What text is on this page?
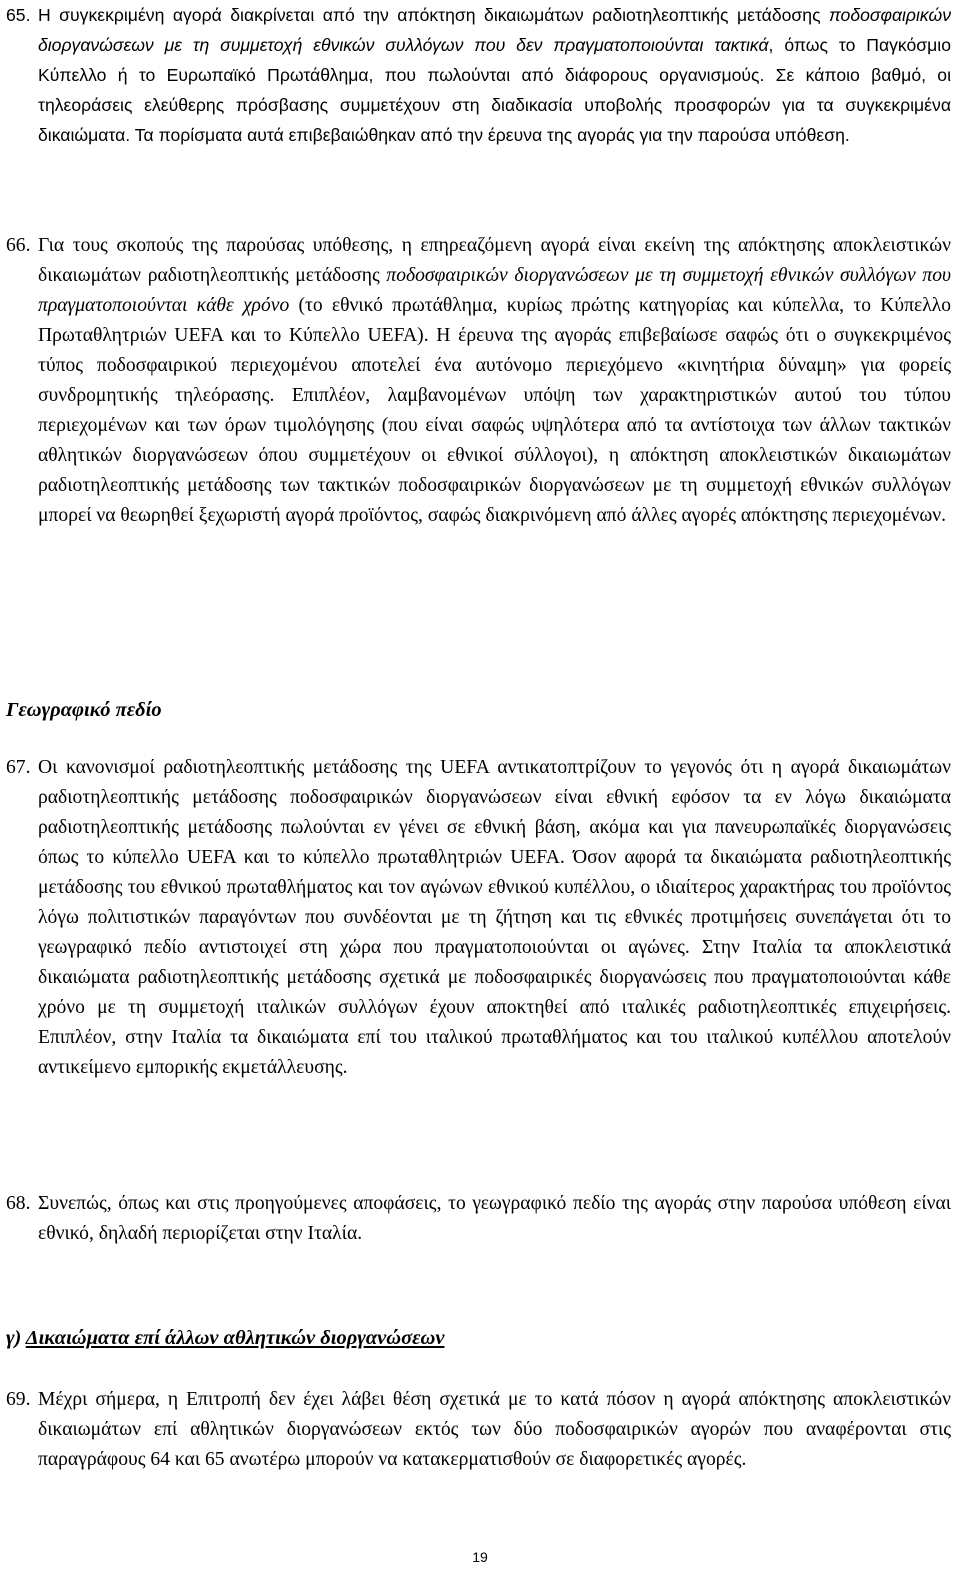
65. Η συγκεκριμένη αγορά διακρίνεται από την απόκτηση δικαιωμάτων ραδιοτηλεοπτικής μετάδοσης ποδοσφαιρικών διοργανώσεων με τη συμμετοχή εθνικών συλλόγων που δεν πραγματοποιούνται τακτικά, όπως το Παγκόσμιο Κύπελλο ή το Ευρωπαϊκό Πρωτάθλημα, που πωλούνται από διάφορους οργανισμούς. Σε κάποιο βαθμό, οι τηλεοράσεις ελεύθερης πρόσβασης συμμετέχουν στη διαδικασία υποβολής προσφορών για τα συγκεκριμένα δικαιώματα. Τα πορίσματα αυτά επιβεβαιώθηκαν από την έρευνα της αγοράς για την παρούσα υπόθεση.

66. Για τους σκοπούς της παρούσας υπόθεσης, η επηρεαζόμενη αγορά είναι εκείνη της απόκτησης αποκλειστικών δικαιωμάτων ραδιοτηλεοπτικής μετάδοσης ποδοσφαιρικών διοργανώσεων με τη συμμετοχή εθνικών συλλόγων που πραγματοποιούνται κάθε χρόνο (το εθνικό πρωτάθλημα, κυρίως πρώτης κατηγορίας και κύπελλα, το Κύπελλο Πρωταθλητριών UEFA και το Κύπελλο UEFA). Η έρευνα της αγοράς επιβεβαίωσε σαφώς ότι ο συγκεκριμένος τύπος ποδοσφαιρικού περιεχομένου αποτελεί ένα αυτόνομο περιεχόμενο «κινητήρια δύναμη» για φορείς συνδρομητικής τηλεόρασης. Επιπλέον, λαμβανομένων υπόψη των χαρακτηριστικών αυτού του τύπου περιεχομένων και των όρων τιμολόγησης (που είναι σαφώς υψηλότερα από τα αντίστοιχα των άλλων τακτικών αθλητικών διοργανώσεων όπου συμμετέχουν οι εθνικοί σύλλογοι), η απόκτηση αποκλειστικών δικαιωμάτων ραδιοτηλεοπτικής μετάδοσης των τακτικών ποδοσφαιρικών διοργανώσεων με τη συμμετοχή εθνικών συλλόγων μπορεί να θεωρηθεί ξεχωριστή αγορά προϊόντος, σαφώς διακρινόμενη από άλλες αγορές απόκτησης περιεχομένων.

Γεωγραφικό πεδίο

67. Οι κανονισμοί ραδιοτηλεοπτικής μετάδοσης της UEFA αντικατοπτρίζουν το γεγονός ότι η αγορά δικαιωμάτων ραδιοτηλεοπτικής μετάδοσης ποδοσφαιρικών διοργανώσεων είναι εθνική εφόσον τα εν λόγω δικαιώματα ραδιοτηλεοπτικής μετάδοσης πωλούνται εν γένει σε εθνική βάση, ακόμα και για πανευρωπαϊκές διοργανώσεις όπως το κύπελλο UEFA και το κύπελλο πρωταθλητριών UEFA. Όσον αφορά τα δικαιώματα ραδιοτηλεοπτικής μετάδοσης του εθνικού πρωταθλήματος και τον αγώνων εθνικού κυπέλλου, ο ιδιαίτερος χαρακτήρας του προϊόντος λόγω πολιτιστικών παραγόντων που συνδέονται με τη ζήτηση και τις εθνικές προτιμήσεις συνεπάγεται ότι το γεωγραφικό πεδίο αντιστοιχεί στη χώρα που πραγματοποιούνται οι αγώνες. Στην Ιταλία τα αποκλειστικά δικαιώματα ραδιοτηλεοπτικής μετάδοσης σχετικά με ποδοσφαιρικές διοργανώσεις που πραγματοποιούνται κάθε χρόνο με τη συμμετοχή ιταλικών συλλόγων έχουν αποκτηθεί από ιταλικές ραδιοτηλεοπτικές επιχειρήσεις. Επιπλέον, στην Ιταλία τα δικαιώματα επί του ιταλικού πρωταθλήματος και του ιταλικού κυπέλλου αποτελούν αντικείμενο εμπορικής εκμετάλλευσης.

68. Συνεπώς, όπως και στις προηγούμενες αποφάσεις, το γεωγραφικό πεδίο της αγοράς στην παρούσα υπόθεση είναι εθνικό, δηλαδή περιορίζεται στην Ιταλία.

γ) Δικαιώματα επί άλλων αθλητικών διοργανώσεων

69. Μέχρι σήμερα, η Επιτροπή δεν έχει λάβει θέση σχετικά με το κατά πόσον η αγορά απόκτησης αποκλειστικών δικαιωμάτων επί αθλητικών διοργανώσεων εκτός των δύο ποδοσφαιρικών αγορών που αναφέρονται στις παραγράφους 64 και 65 ανωτέρω μπορούν να κατακερματισθούν σε διαφορετικές αγορές.

19
